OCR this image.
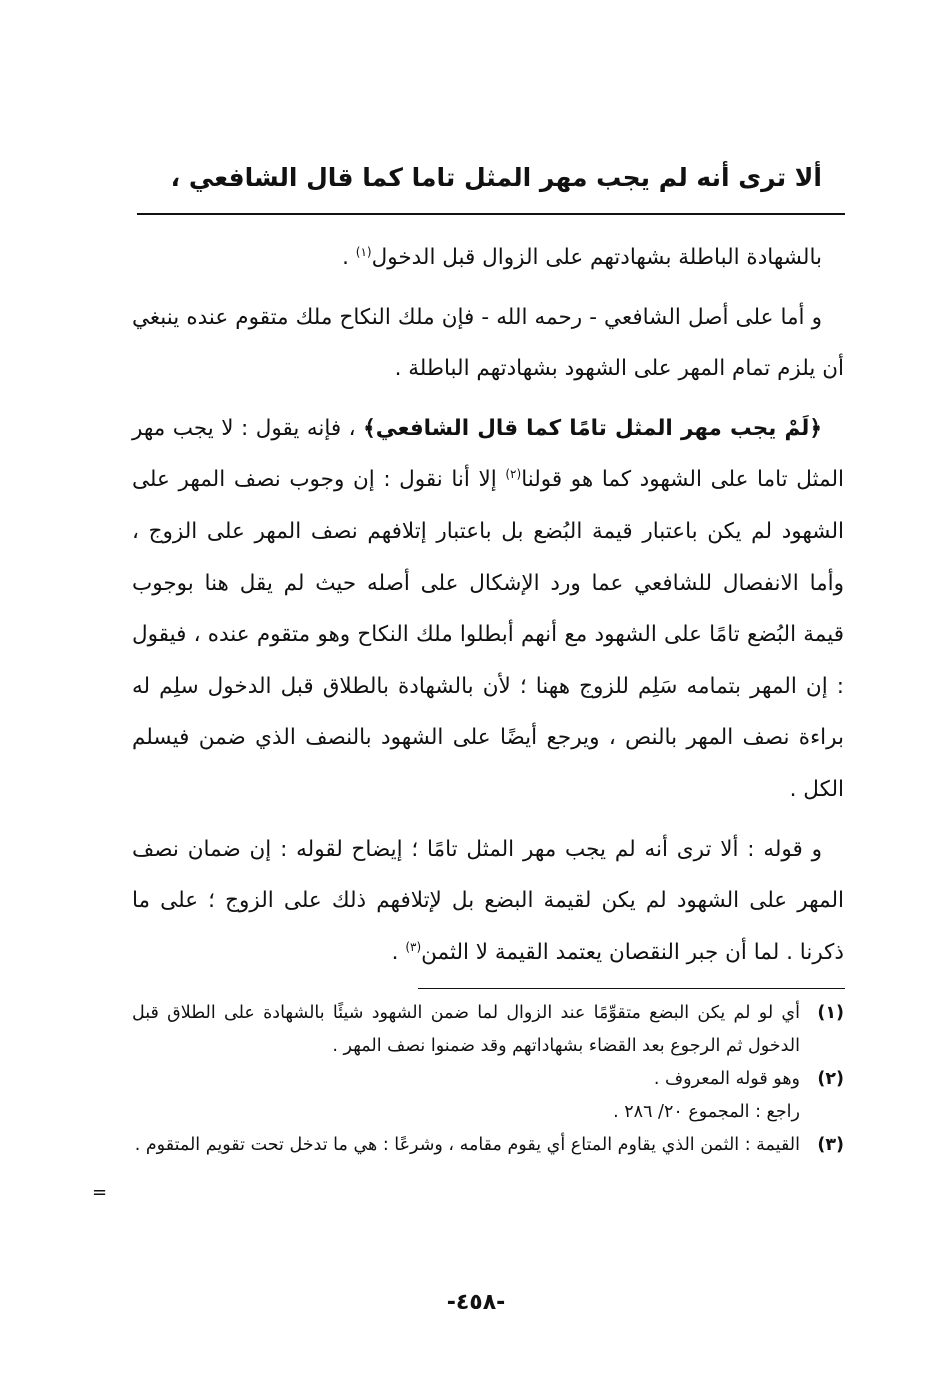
ألا ترى أنه لم يجب مهر المثل تاما كما قال الشافعي ،

بالشهادة الباطلة بشهادتهم على الزوال قبل الدخول$^{(١)}$ .

و أما على أصل الشافعي - رحمه الله - فإن ملك النكاح ملك متقوم عنده ينبغي أن يلزم تمام المهر على الشهود بشهادتهم الباطلة .

﴿لَمْ يجب مهر المثل تامًا كما قال الشافعي﴾ ، فإنه يقول : لا يجب مهر المثل تاما على الشهود كما هو قولنا$^{(٢)}$ إلا أنا نقول : إن وجوب نصف المهر على الشهود لم يكن باعتبار قيمة البُضع بل باعتبار إتلافهم نصف المهر على الزوج ، وأما الانفصال للشافعي عما ورد الإشكال على أصله حيث لم يقل هنا بوجوب قيمة البُضع تامًا على الشهود مع أنهم أبطلوا ملك النكاح وهو متقوم عنده ، فيقول : إن المهر بتمامه سَلِم للزوج ههنا ؛ لأن بالشهادة بالطلاق قبل الدخول سلِم له براءة نصف المهر بالنص ، ويرجع أيضًا على الشهود بالنصف الذي ضمن فيسلم الكل .

و قوله : ألا ترى أنه لم يجب مهر المثل تامًا ؛ إيضاح لقوله : إن ضمان نصف المهر على الشهود لم يكن لقيمة البضع بل لإتلافهم ذلك على الزوج ؛ على ما ذكرنا . لما أن جبر النقصان يعتمد القيمة لا الثمن$^{(٣)}$ .

(١)
أي لو لم يكن البضع متقوِّمًا عند الزوال لما ضمن الشهود شيئًا بالشهادة على الطلاق قبل الدخول ثم الرجوع بعد القضاء بشهاداتهم وقد ضمنوا نصف المهر .
(٢)
وهو قوله المعروف .
راجع : المجموع ٢٠/ ٢٨٦ .
(٣)
القيمة : الثمن الذي يقاوم المتاع أي يقوم مقامه ، وشرعًا : هي ما تدخل تحت تقويم المتقوم .
=
-٤٥٨-
